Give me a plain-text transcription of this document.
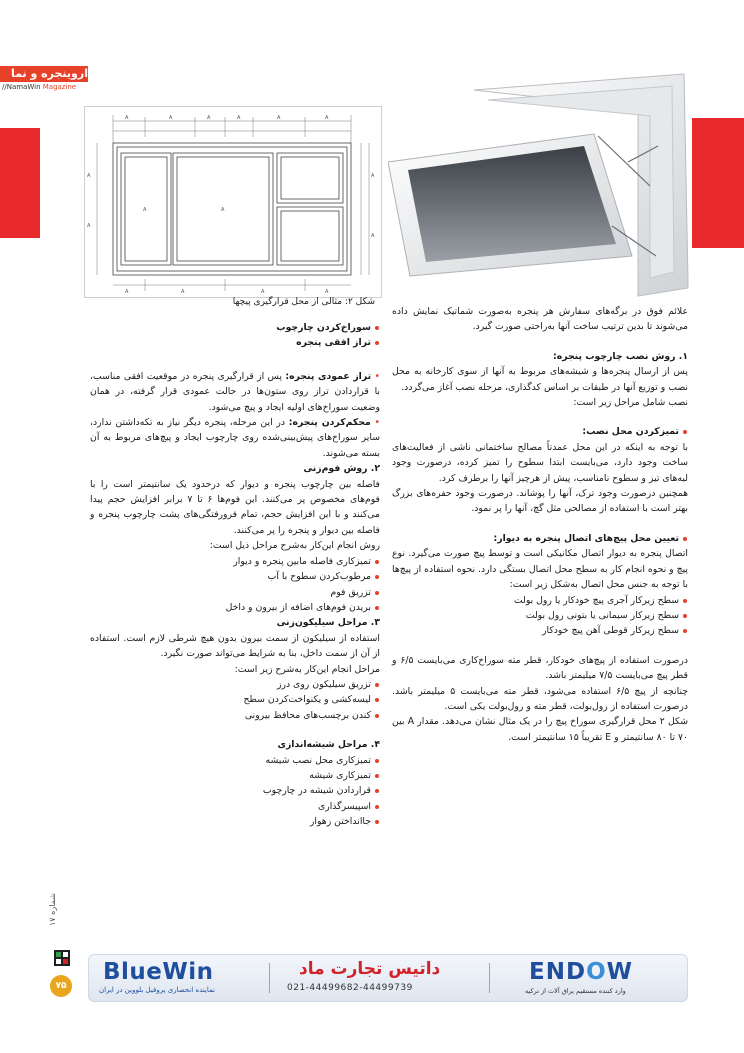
اروینجره و نما
//NamaWin Magazine
A	A	A	A	A	A
A
A
A
A
A	A	A	A
A	A
شکل ۲: مثالی از محل قرارگیری پیچها

علائم فوق در برگه‌های سفارش هر پنجره به‌صورت شماتیک نمایش داده می‌شوند تا بدین ترتیب ساخت آنها به‌راحتی صورت گیرد.

۱. روش نصب چارچوب پنجره:

پس از ارسال پنجره‌ها و شیشه‌های مربوط به آنها از سوی کارخانه به محل نصب و توزیع آنها در طبقات بر اساس کدگذاری، مرحله نصب آغاز می‌گردد.

نصب شامل مراحل زیر است:

تمیزکردن محل نصب:

با توجه به اینکه در این محل عمدتاً مصالح ساختمانی ناشی از فعالیت‌های ساخت وجود دارد، می‌بایست ابتدا سطوح را تمیز کرده، درصورت وجود لبه‌های تیز و سطوح نامناسب، پیش از هرچیز آنها را برطرف کرد.

همچنین درصورت وجود ترک، آنها را پوشاند. درصورت وجود حفره‌های بزرگ بهتر است با استفاده از مصالحی مثل گچ، آنها را پر نمود.

تعیین محل پیچ‌های اتصال پنجره به دیوار:

اتصال پنجره به دیوار اتصال مکانیکی است و توسط پیچ صورت می‌گیرد. نوع پیچ و نحوه انجام کار به سطح محل اتصال بستگی دارد. نحوه استفاده از پیچ‌ها با توجه به جنس محل اتصال به‌شکل زیر است:

سطح زیرکار آجری پیچ خودکار یا رول بولت

سطح زیرکار سیمانی یا بتونی رول بولت

سطح زیرکار قوطی آهن پیچ خودکار

درصورت استفاده از پیچ‌های خودکار، قطر مته سوراخ‌کاری می‌بایست ۶/۵ و قطر پیچ می‌بایست ۷/۵ میلیمتر باشد.

چنانچه از پیچ ۶/۵ استفاده می‌شود، قطر مته می‌بایست ۵ میلیمتر باشد. درصورت استفاده از رول‌بولت، قطر مته و رول‌بولت یکی است.

شکل ۲ محل قرارگیری سوراخ پیچ را در یک مثال نشان می‌دهد. مقدار A بین ۷۰ تا ۸۰ سانتیمتر و E تقریباً ۱۵ سانتیمتر است.

سوراخ‌کردن چارچوب

تراز افقی پنجره

• تراز عمودی پنجره: پس از قرارگیری پنجره در موقعیت افقی مناسب، با قراردادن تراز روی ستون‌ها در حالت عمودی قرار گرفته، در همان وضعیت سوراخ‌های اولیه ایجاد و پیچ می‌شود.

• محکم‌کردن پنجره: در این مرحله، پنجره دیگر نیاز به تکه‌داشتن ندارد، سایر سوراخ‌های پیش‌بینی‌شده روی چارچوب ایجاد و پیچ‌های مربوط به آن بسته می‌شوند.

۲. روش فوم‌زنی

فاصله بین چارچوب پنجره و دیوار که درحدود یک سانتیمتر است را با فوم‌های مخصوص پر می‌کنند. این فوم‌ها ۶ تا ۷ برابر افزایش حجم پیدا می‌کنند و با این افزایش حجم، تمام فرورفتگی‌های پشت چارچوب پنجره و فاصله بین دیوار و پنجره را پر می‌کنند.

روش انجام این‌کار به‌شرح مراحل ذیل است:

تمیزکاری فاصله مابین پنجره و دیوار

مرطوب‌کردن سطوح با آب

تزریق فوم

بریدن فوم‌های اضافه از بیرون و داخل

۳. مراحل سیلیکون‌زنی

استفاده از سیلیکون از سمت بیرون بدون هیچ شرطی لازم است. استفاده از آن از سمت داخل، بنا به شرایط می‌تواند صورت نگیرد.

مراحل انجام این‌کار به‌شرح زیر است:

تزریق سیلیکون روی درز

لیسه‌کشی و یکنواخت‌کردن سطح

کندن برچسب‌های محافظ بیرونی

۴. مراحل شیشه‌اندازی

تمیزکاری محل نصب شیشه

تمیزکاری شیشه

قراردادن شیشه در چارچوب

اسپیسرگذاری

جاانداختن زهوار

شماره ۱۷
۷۵
BlueWin
نماینده انحصاری پروفیل بلووین در ایران
داتیس تجارت ماد
021-44499682-44499739
ENDOW
وارد کننده مستقیم یراق آلات از ترکیه
